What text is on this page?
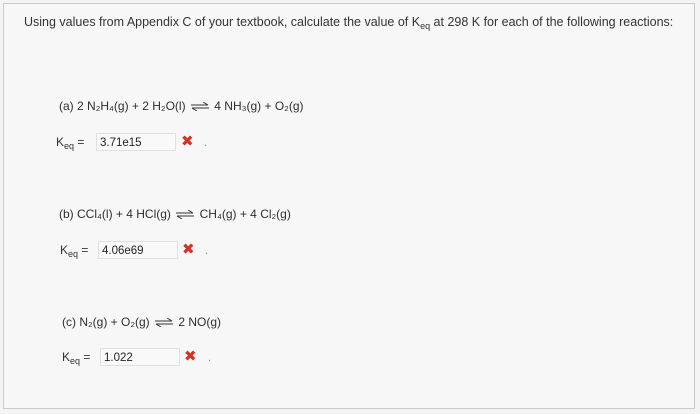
Using values from Appendix C of your textbook, calculate the value of $K_{eq}$ at 298 K for each of the following reactions:
(a) 2 N₂H₄(g) + 2 H₂O(l) ⇌ 4 NH₃(g) + O₂(g)
$K_{eq}$ =	3.71e15	✖ .
(b) CCl₄(l) + 4 HCl(g) ⇌ CH₄(g) + 4 Cl₂(g)
$K_{eq}$ =	4.06e69	✖ .
(c) N₂(g) + O₂(g) ⇌ 2 NO(g)
$K_{eq}$ =	1.022	✖ .
